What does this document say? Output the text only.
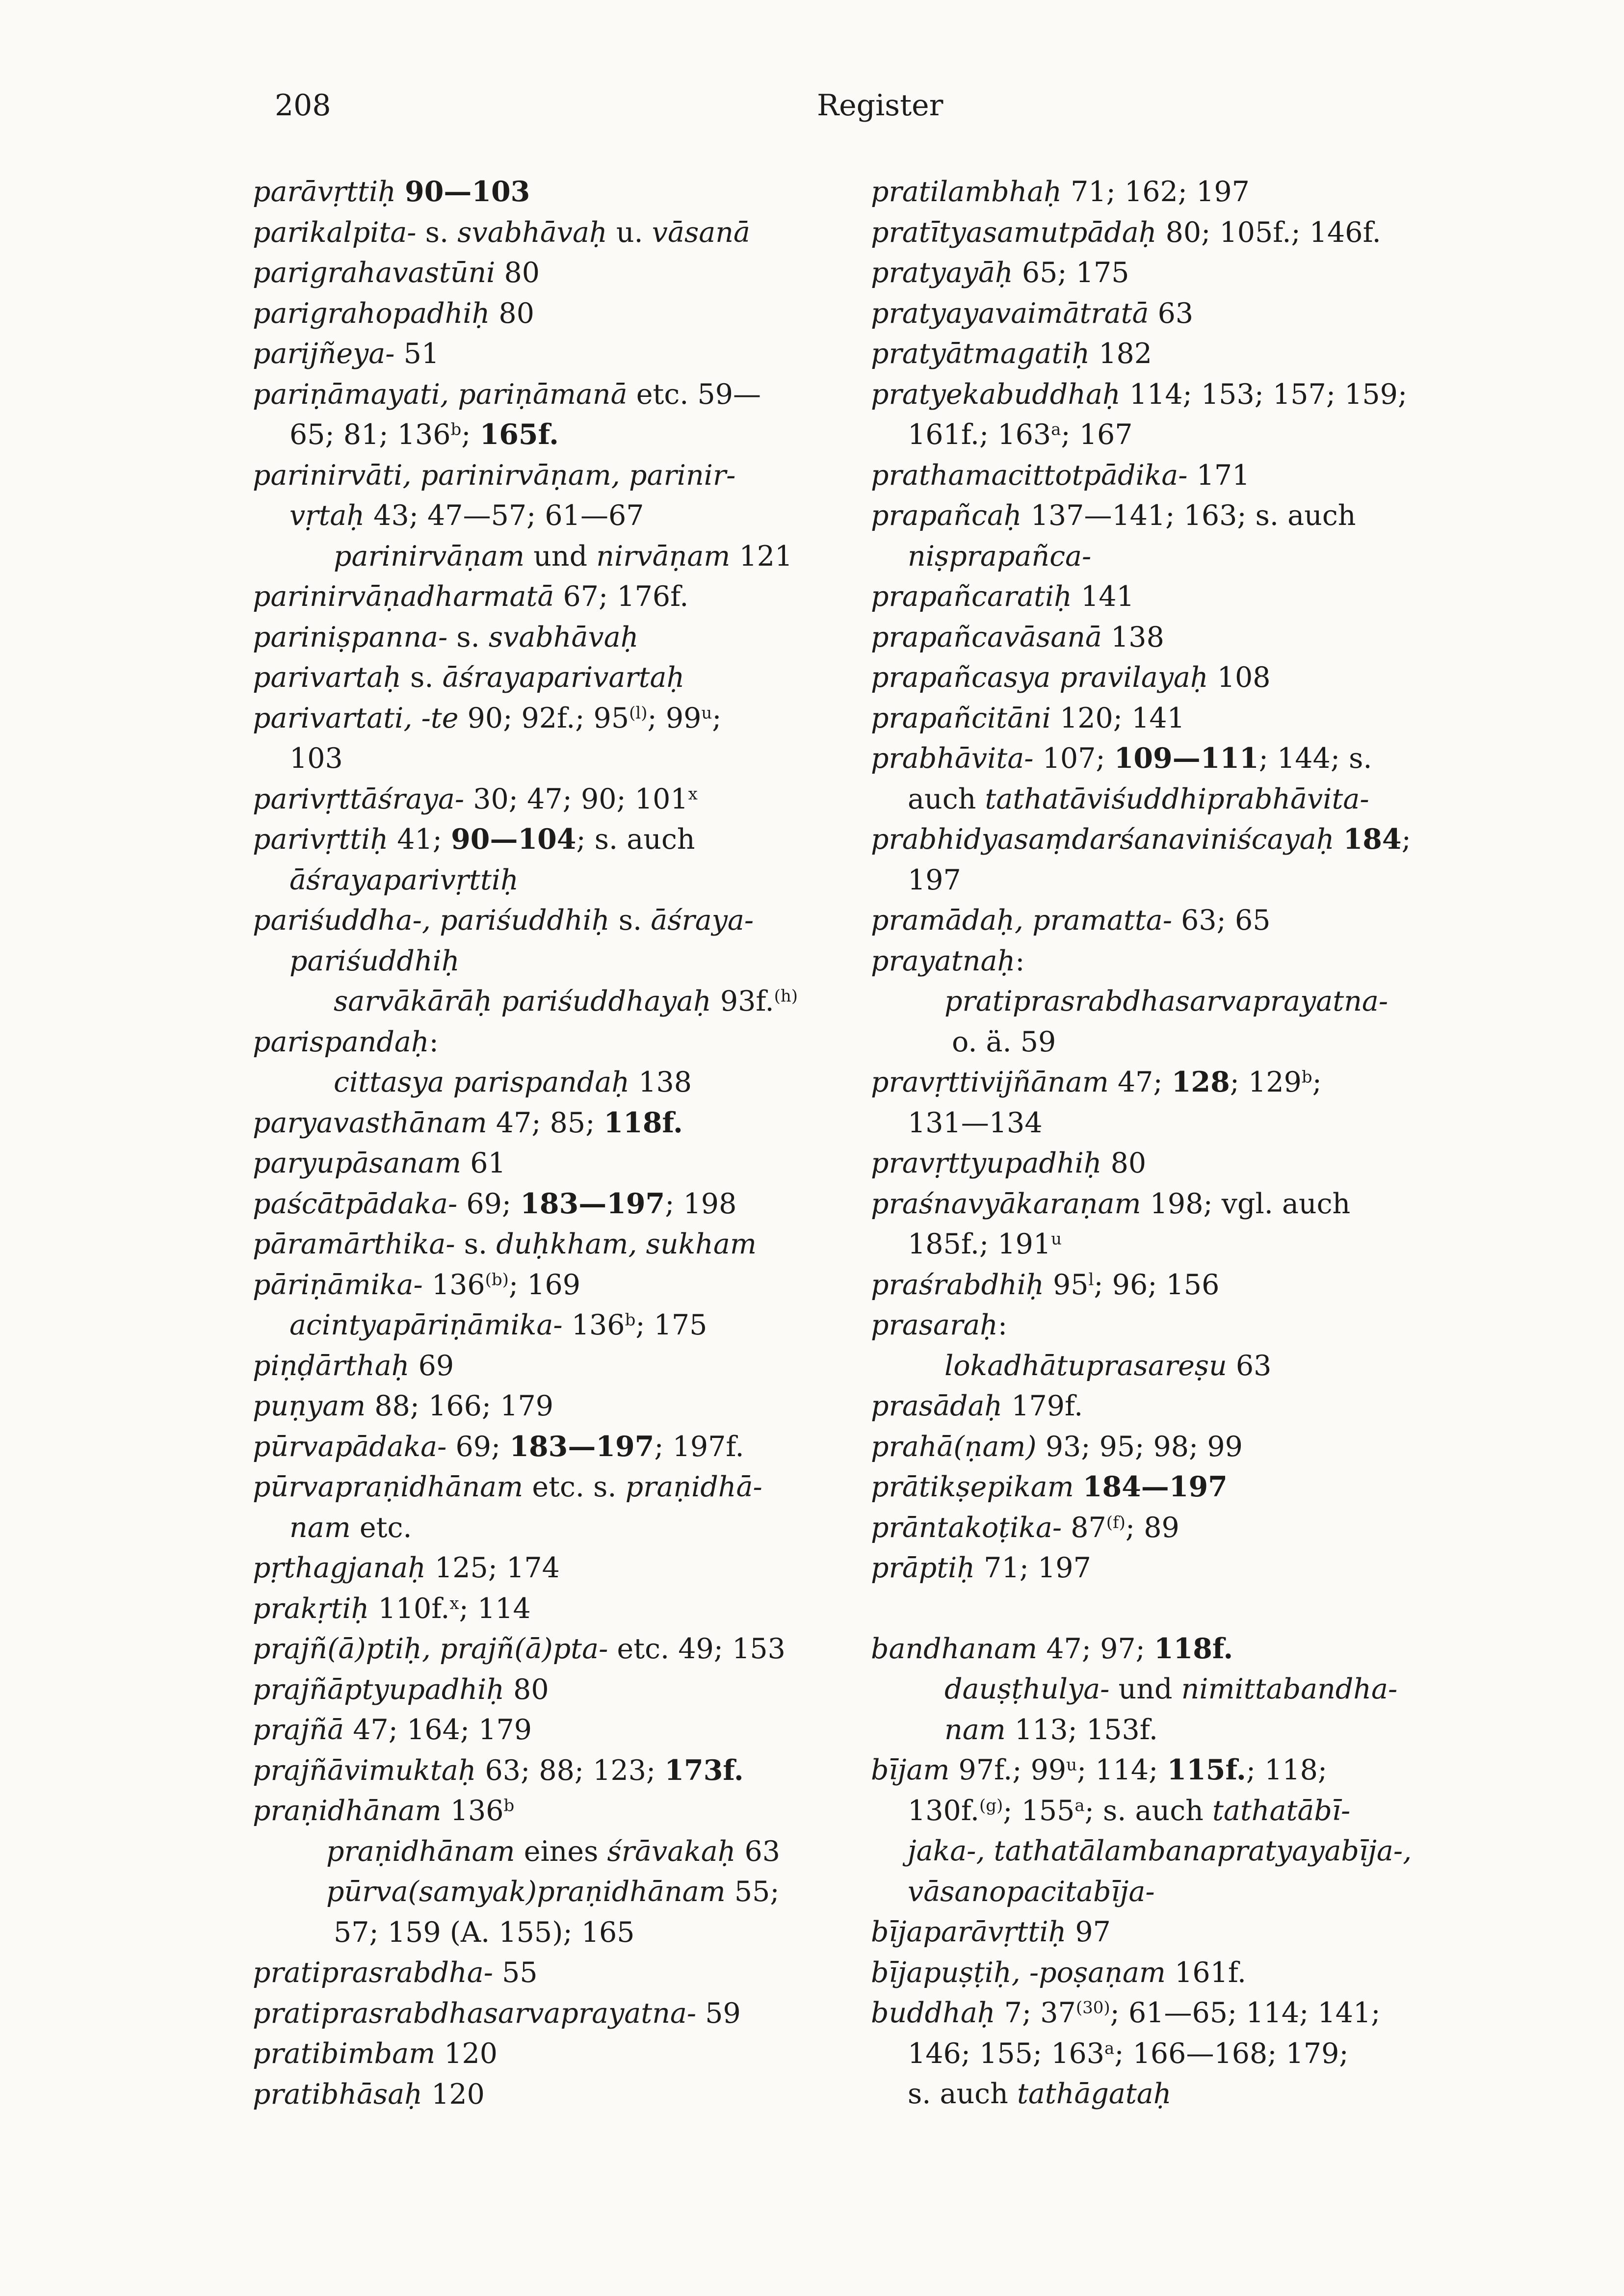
208	Register

parāvṛttiḥ 90—103

parikalpita- s. svabhāvaḥ u. vāsanā

parigrahavastūni 80

parigrahopadhiḥ 80

parijñeya- 51

pariṇāmayati, pariṇāmanā etc. 59—

65; 81; 136$^b$; 165f.

parinirvāti, parinirvāṇam, parinir-

vṛtaḥ 43; 47—57; 61—67

parinirvāṇam und nirvāṇam 121

parinirvāṇadharmatā 67; 176f.

pariniṣpanna- s. svabhāvaḥ

parivartaḥ s. āśrayaparivartaḥ

parivartati, -te 90; 92f.; 95$^{(l)}$; 99$^u$;

103

parivṛttāśraya- 30; 47; 90; 101$^x$

parivṛttiḥ 41; 90—104; s. auch

āśrayaparivṛttiḥ

pariśuddha-, pariśuddhiḥ s. āśraya-

pariśuddhiḥ

sarvākārāḥ pariśuddhayaḥ 93f.$^{(h)}$

parispandaḥ:

cittasya parispandaḥ 138

paryavasthānam 47; 85; 118f.

paryupāsanam 61

paścātpādaka- 69; 183—197; 198

pāramārthika- s. duḥkham, sukham

pāriṇāmika- 136$^{(b)}$; 169

acintyapāriṇāmika- 136$^b$; 175

piṇḍārthaḥ 69

puṇyam 88; 166; 179

pūrvapādaka- 69; 183—197; 197f.

pūrvapraṇidhānam etc. s. praṇidhā-

nam etc.

pṛthagjanaḥ 125; 174

prakṛtiḥ 110f.$^x$; 114

prajñ(ā)ptiḥ, prajñ(ā)pta- etc. 49; 153

prajñāptyupadhiḥ 80

prajñā 47; 164; 179

prajñāvimuktaḥ 63; 88; 123; 173f.

praṇidhānam 136$^b$

praṇidhānam eines śrāvakaḥ 63

pūrva(samyak)praṇidhānam 55;

57; 159 (A. 155); 165

pratiprasrabdha- 55

pratiprasrabdhasarvaprayatna- 59

pratibimbam 120

pratibhāsaḥ 120

pratilambhaḥ 71; 162; 197

pratītyasamutpādaḥ 80; 105f.; 146f.

pratyayāḥ 65; 175

pratyayavaimātratā 63

pratyātmagatiḥ 182

pratyekabuddhaḥ 114; 153; 157; 159;

161f.; 163$^a$; 167

prathamacittotpādika- 171

prapañcaḥ 137—141; 163; s. auch

niṣprapañca-

prapañcaratiḥ 141

prapañcavāsanā 138

prapañcasya pravilayaḥ 108

prapañcitāni 120; 141

prabhāvita- 107; 109—111; 144; s.

auch tathatāviśuddhiprabhāvita-

prabhidyasaṃdarśanaviniścayaḥ 184;

197

pramādaḥ, pramatta- 63; 65

prayatnaḥ:

pratiprasrabdhasarvaprayatna-

o. ä. 59

pravṛttivijñānam 47; 128; 129$^b$;

131—134

pravṛttyupadhiḥ 80

praśnavyākaraṇam 198; vgl. auch

185f.; 191$^u$

praśrabdhiḥ 95$^l$; 96; 156

prasaraḥ:

lokadhātuprasareṣu 63

prasādaḥ 179f.

prahā(ṇam) 93; 95; 98; 99

prātikṣepikam 184—197

prāntakoṭika- 87$^{(f)}$; 89

prāptiḥ 71; 197

bandhanam 47; 97; 118f.

dauṣṭhulya- und nimittabandha-

nam 113; 153f.

bījam 97f.; 99$^u$; 114; 115f.; 118;

130f.$^{(g)}$; 155$^a$; s. auch tathatābī-

jaka-, tathatālambanapratyayabīja-,

vāsanopacitabīja-

bījaparāvṛttiḥ 97

bījapuṣṭiḥ, -poṣaṇam 161f.

buddhaḥ 7; 37$^{(30)}$; 61—65; 114; 141;

146; 155; 163$^a$; 166—168; 179;

s. auch tathāgataḥ
